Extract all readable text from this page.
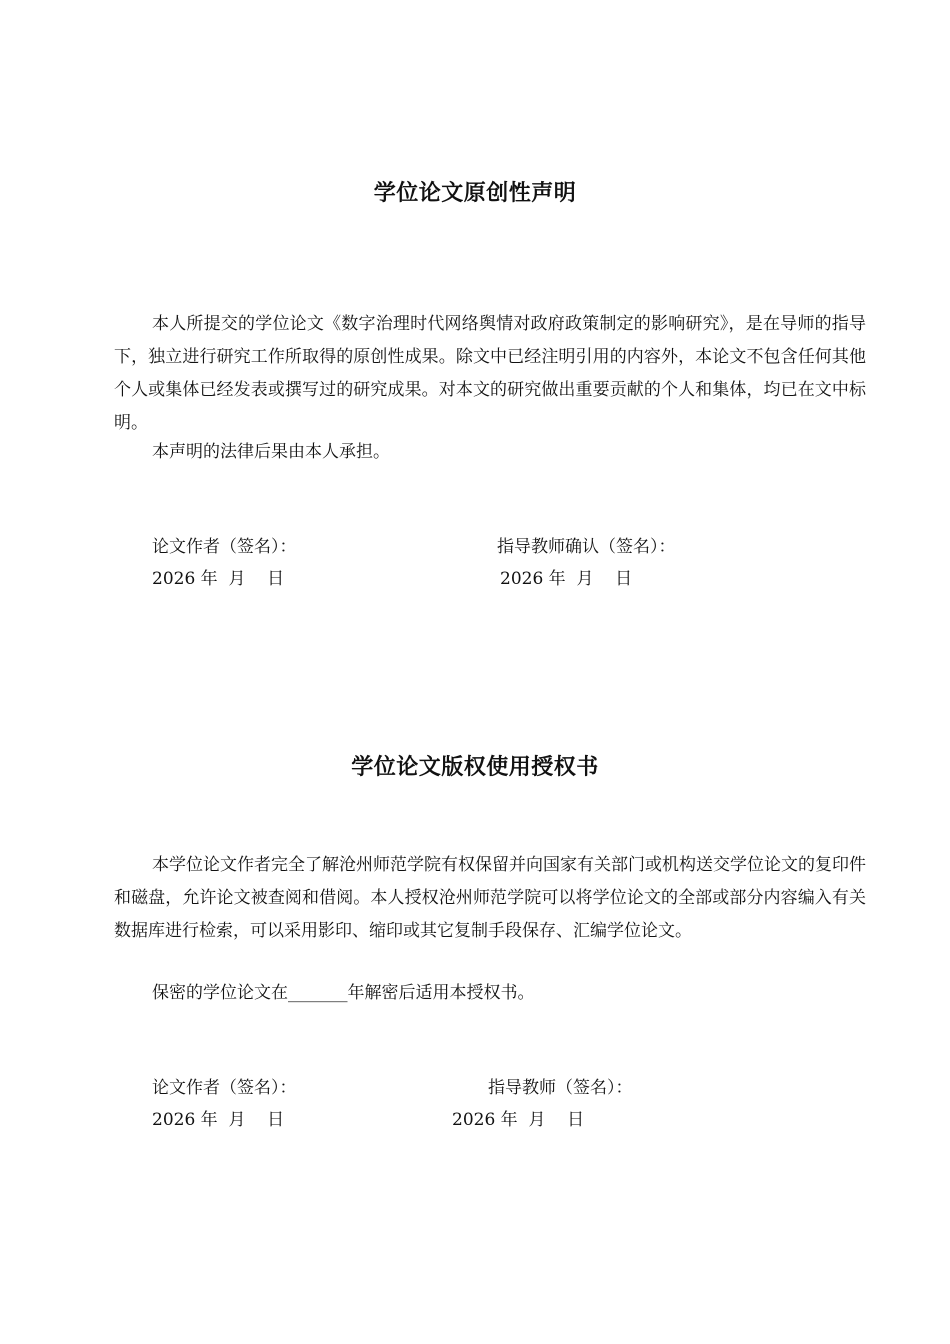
学位论文原创性声明

本人所提交的学位论文《数字治理时代网络舆情对政府政策制定的影响研究》，是在导师的指导下，独立进行研究工作所取得的原创性成果。除文中已经注明引用的内容外，本论文不包含任何其他个人或集体已经发表或撰写过的研究成果。对本文的研究做出重要贡献的个人和集体，均已在文中标明。

本声明的法律后果由本人承担。

论文作者（签名）：	指导教师确认（签名）：
2026 年  月    日	2026 年  月    日
学位论文版权使用授权书

本学位论文作者完全了解沧州师范学院有权保留并向国家有关部门或机构送交学位论文的复印件和磁盘，允许论文被查阅和借阅。本人授权沧州师范学院可以将学位论文的全部或部分内容编入有关数据库进行检索，可以采用影印、缩印或其它复制手段保存、汇编学位论文。

保密的学位论文在_______年解密后适用本授权书。

论文作者（签名）：	指导教师（签名）：
2026 年  月    日	2026 年  月    日
